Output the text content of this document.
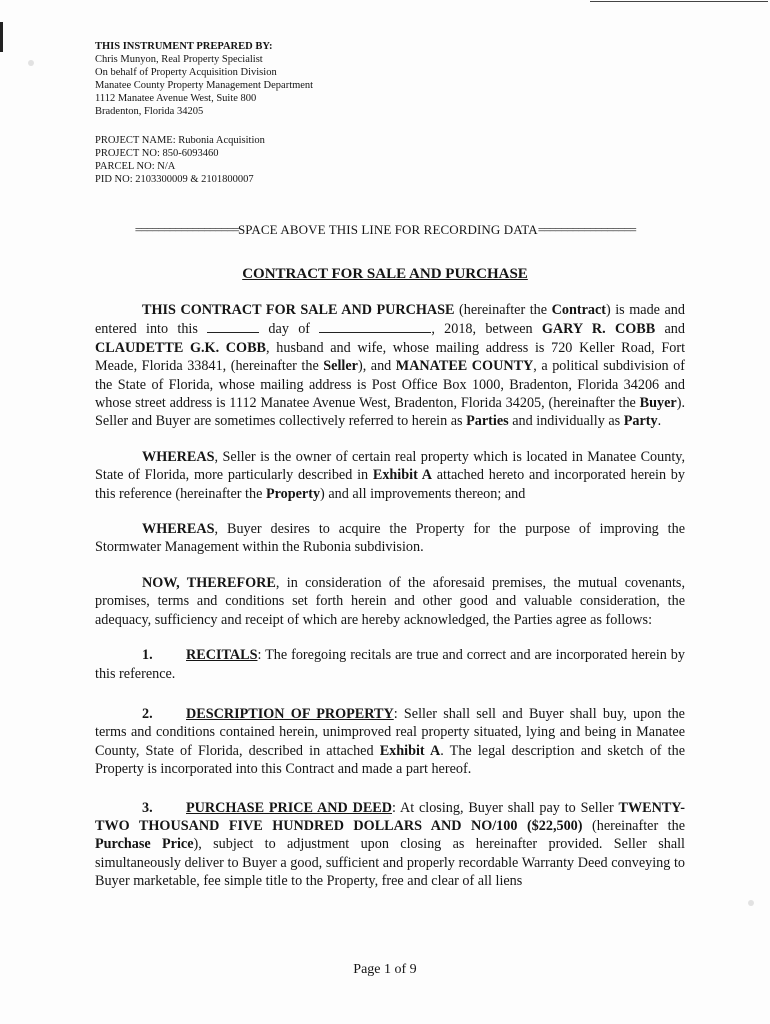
THIS INSTRUMENT PREPARED BY:
Chris Munyon, Real Property Specialist
On behalf of Property Acquisition Division
Manatee County Property Management Department
1112 Manatee Avenue West, Suite 800
Bradenton, Florida 34205
PROJECT NAME: Rubonia Acquisition
PROJECT NO: 850-6093460
PARCEL NO: N/A
PID NO: 2103300009 & 2101800007
==================SPACE ABOVE THIS LINE FOR RECORDING DATA=================
CONTRACT FOR SALE AND PURCHASE

THIS CONTRACT FOR SALE AND PURCHASE (hereinafter the Contract) is made and entered into this	day of	, 2018, between GARY R. COBB and CLAUDETTE G.K. COBB, husband and wife, whose mailing address is 720 Keller Road, Fort Meade, Florida 33841, (hereinafter the Seller), and MANATEE COUNTY, a political subdivision of the State of Florida, whose mailing address is Post Office Box 1000, Bradenton, Florida 34206 and whose street address is 1112 Manatee Avenue West, Bradenton, Florida 34205, (hereinafter the Buyer). Seller and Buyer are sometimes collectively referred to herein as Parties and individually as Party.

WHEREAS, Seller is the owner of certain real property which is located in Manatee County, State of Florida, more particularly described in Exhibit A attached hereto and incorporated herein by this reference (hereinafter the Property) and all improvements thereon; and

WHEREAS, Buyer desires to acquire the Property for the purpose of improving the Stormwater Management within the Rubonia subdivision.

NOW, THEREFORE, in consideration of the aforesaid premises, the mutual covenants, promises, terms and conditions set forth herein and other good and valuable consideration, the adequacy, sufficiency and receipt of which are hereby acknowledged, the Parties agree as follows:

1. RECITALS: The foregoing recitals are true and correct and are incorporated herein by this reference.

2. DESCRIPTION OF PROPERTY: Seller shall sell and Buyer shall buy, upon the terms and conditions contained herein, unimproved real property situated, lying and being in Manatee County, State of Florida, described in attached Exhibit A. The legal description and sketch of the Property is incorporated into this Contract and made a part hereof.

3. PURCHASE PRICE AND DEED: At closing, Buyer shall pay to Seller TWENTY-TWO THOUSAND FIVE HUNDRED DOLLARS AND NO/100 ($22,500) (hereinafter the Purchase Price), subject to adjustment upon closing as hereinafter provided. Seller shall simultaneously deliver to Buyer a good, sufficient and properly recordable Warranty Deed conveying to Buyer marketable, fee simple title to the Property, free and clear of all liens

Page 1 of 9
